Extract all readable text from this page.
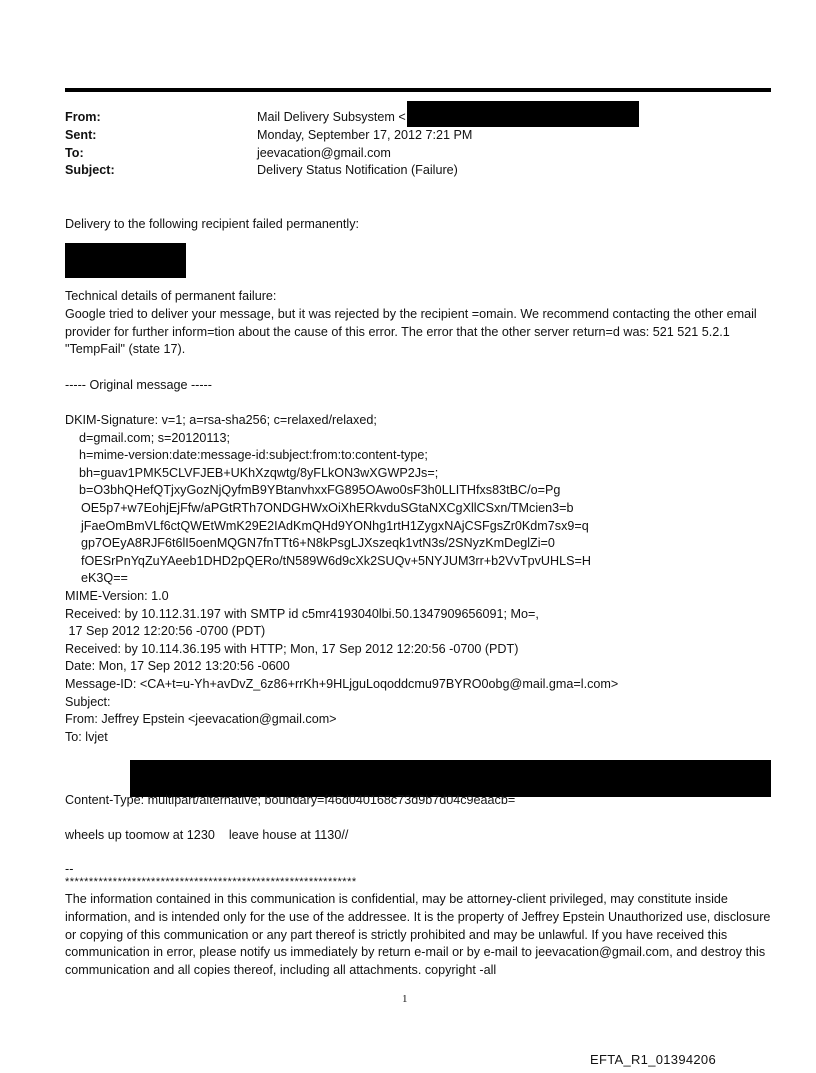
From:	Mail Delivery Subsystem <
Sent:	Monday, September 17, 2012 7:21 PM
To:	jeevacation@gmail.com
Subject:	Delivery Status Notification (Failure)
Delivery to the following recipient failed permanently:
Technical details of permanent failure:
Google tried to deliver your message, but it was rejected by the recipient =omain. We recommend contacting the other email provider for further inform=tion about the cause of this error. The error that the other server return=d was: 521 521 5.2.1 "TempFail" (state 17).
----- Original message -----
DKIM-Signature: v=1; a=rsa-sha256; c=relaxed/relaxed;
d=gmail.com; s=20120113;
h=mime-version:date:message-id:subject:from:to:content-type;
bh=guav1PMK5CLVFJEB+UKhXzqwtg/8yFLkON3wXGWP2Js=;
b=O3bhQHefQTjxyGozNjQyfmB9YBtanvhxxFG895OAwo0sF3h0LLITHfxs83tBC/o=Pg
OE5p7+w7EohjEjFfw/aPGtRTh7ONDGHWxOiXhERkvduSGtaNXCgXllCSxn/TMcien3=b
jFaeOmBmVLf6ctQWEtWmK29E2IAdKmQHd9YONhg1rtH1ZygxNAjCSFgsZr0Kdm7sx9=q
gp7OEyA8RJF6t6lI5oenMQGN7fnTTt6+N8kPsgLJXszeqk1vtN3s/2SNyzKmDeglZi=0
fOESrPnYqZuYAeeb1DHD2pQERo/tN589W6d9cXk2SUQv+5NYJUM3rr+b2VvTpvUHLS=H
eK3Q==
MIME-Version: 1.0
Received: by 10.112.31.197 with SMTP id c5mr4193040lbi.50.1347909656091; Mo=,
17 Sep 2012 12:20:56 -0700 (PDT)
Received: by 10.114.36.195 with HTTP; Mon, 17 Sep 2012 12:20:56 -0700 (PDT)
Date: Mon, 17 Sep 2012 13:20:56 -0600
Message-ID: <CA+t=u-Yh+avDvZ_6z86+rrKh+9HLjguLoqoddcmu97BYRO0obg@mail.gma=l.com>
Subject:
From: Jeffrey Epstein <jeevacation@gmail.com>
To: lvjet
Content-Type: multipart/alternative; boundary=f46d040168c73d9b7d04c9eaacb=
wheels up toomow at 1230    leave house at 1130//
--
*************************************************************
The information contained in this communication is confidential, may be attorney-client privileged, may constitute inside information, and is intended only for the use of the addressee. It is the property of Jeffrey Epstein Unauthorized use, disclosure or copying of this communication or any part thereof is strictly prohibited and may be unlawful. If you have received this communication in error, please notify us immediately by return e-mail or by e-mail to jeevacation@gmail.com, and destroy this communication and all copies thereof, including all attachments. copyright -all
1
EFTA_R1_01394206
